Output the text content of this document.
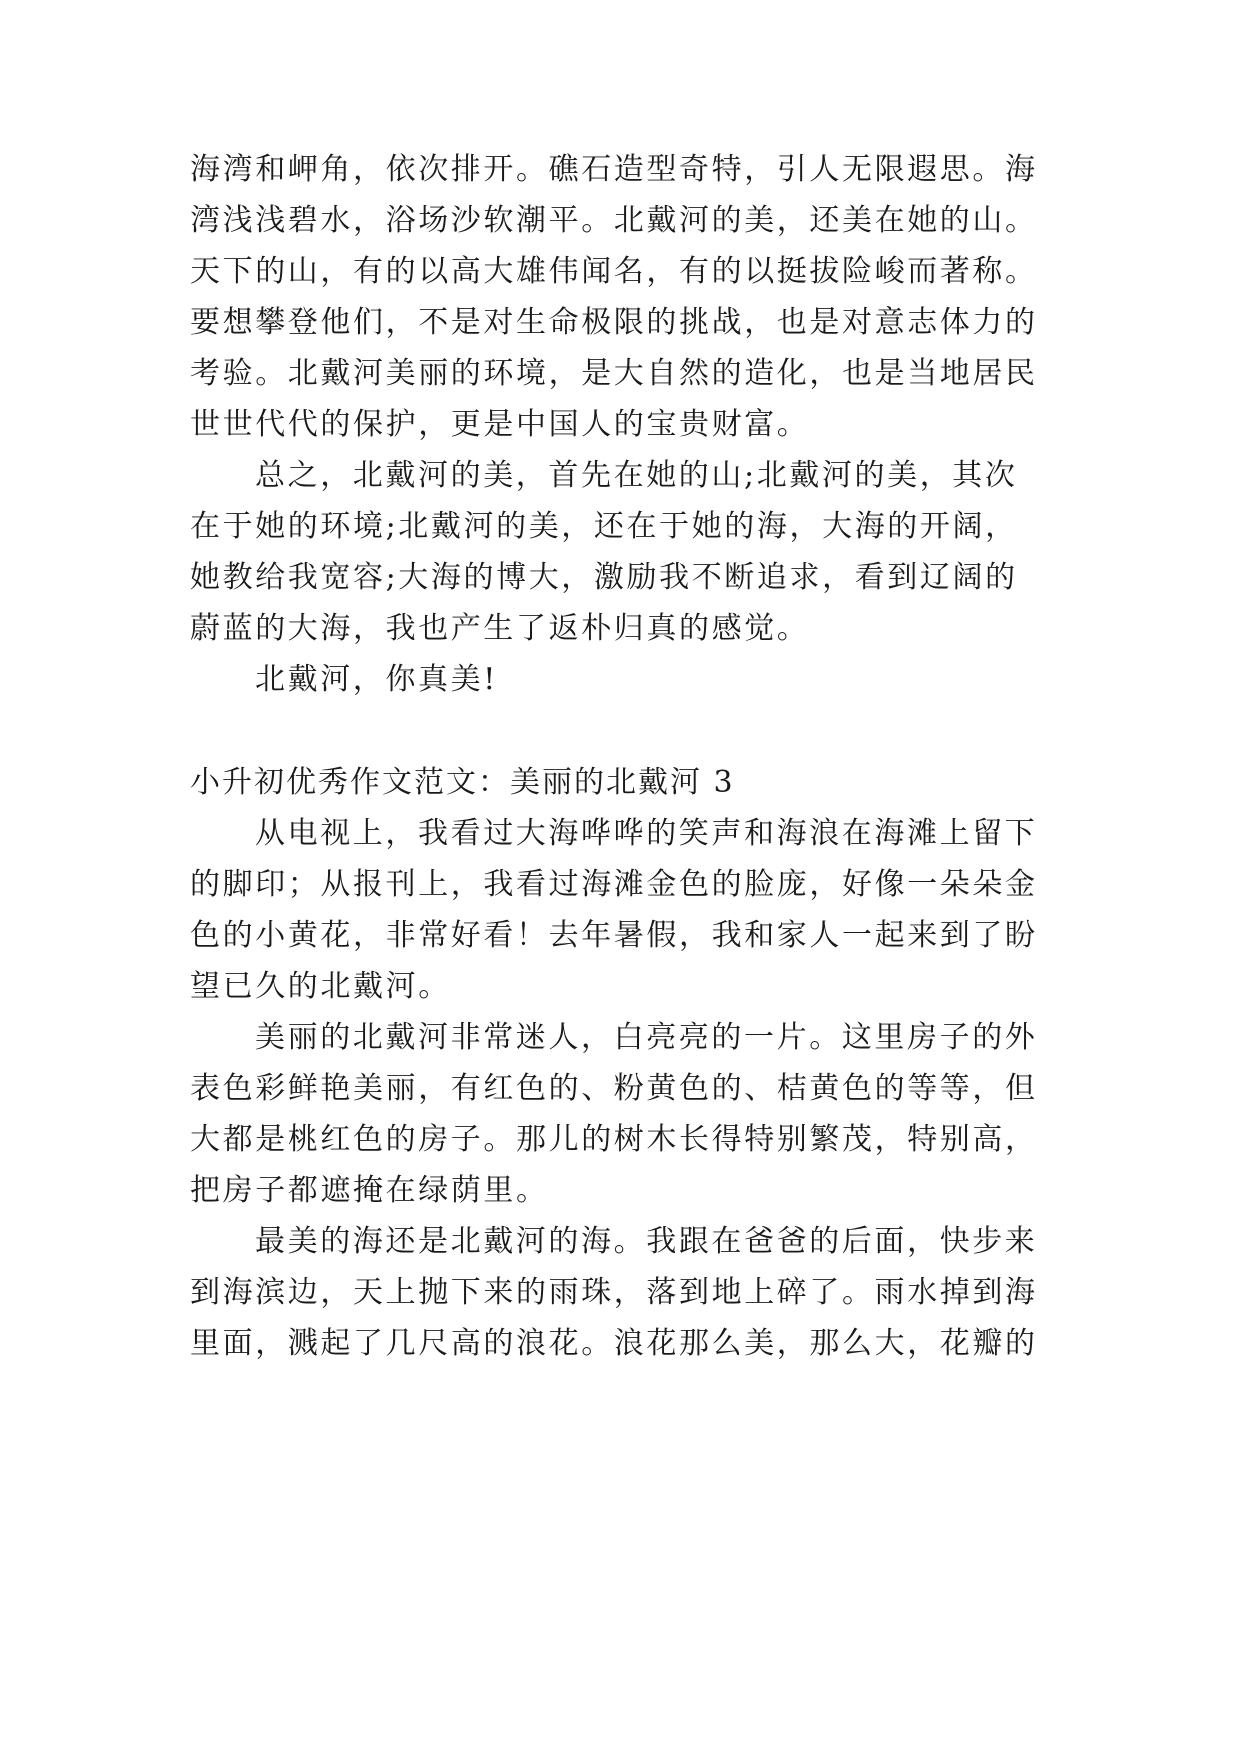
海湾和岬角，依次排开。礁石造型奇特，引人无限遐思。海
湾浅浅碧水，浴场沙软潮平。北戴河的美，还美在她的山。
天下的山，有的以高大雄伟闻名，有的以挺拔险峻而著称。
要想攀登他们，不是对生命极限的挑战，也是对意志体力的
考验。北戴河美丽的环境，是大自然的造化，也是当地居民
世世代代的保护，更是中国人的宝贵财富。
总之，北戴河的美，首先在她的山;北戴河的美，其次
在于她的环境;北戴河的美，还在于她的海，大海的开阔，
她教给我宽容;大海的博大，激励我不断追求，看到辽阔的
蔚蓝的大海，我也产生了返朴归真的感觉。
北戴河，你真美!
小升初优秀作文范文：美丽的北戴河 3
从电视上，我看过大海哗哗的笑声和海浪在海滩上留下
的脚印；从报刊上，我看过海滩金色的脸庞，好像一朵朵金
色的小黄花，非常好看！去年暑假，我和家人一起来到了盼
望已久的北戴河。
美丽的北戴河非常迷人，白亮亮的一片。这里房子的外
表色彩鲜艳美丽，有红色的、粉黄色的、桔黄色的等等，但
大都是桃红色的房子。那儿的树木长得特别繁茂，特别高，
把房子都遮掩在绿荫里。
最美的海还是北戴河的海。我跟在爸爸的后面，快步来
到海滨边，天上抛下来的雨珠，落到地上碎了。雨水掉到海
里面，溅起了几尺高的浪花。浪花那么美，那么大，花瓣的
